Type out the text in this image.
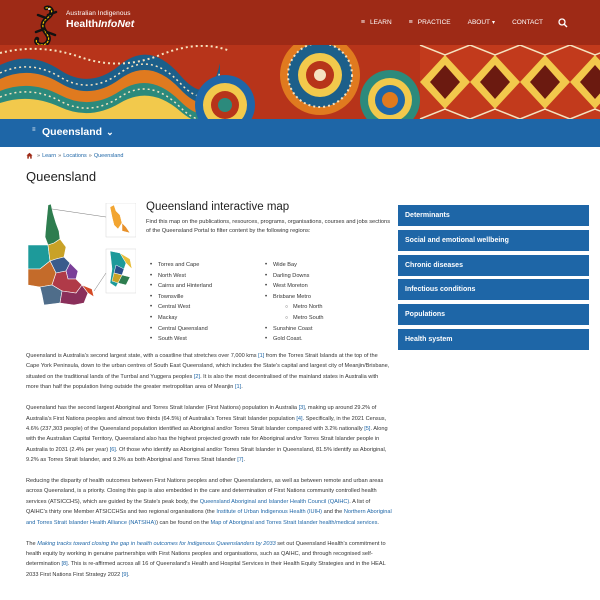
Australian Indigenous
HealthInfoNet	≡ LEARN ≡ PRACTICE	ABOUT ▾	CONTACT
≡ Queensland ⌄
» Learn » Locations » Queensland
Queensland
Queensland interactive map

Find this map on the publications, resources, programs, organisations, courses and jobs sections of the Queensland Portal to filter content by the following regions:

• Torres and Cape
• North West
• Cairns and Hinterland
• Townsville
• Central West
• Mackay
• Central Queensland
• South West
• Wide Bay
• Darling Downs
• West Moreton
• Brisbane Metro
○ Metro North
○ Metro South
• Sunshine Coast
• Gold Coast.

Queensland is Australia's second largest state, with a coastline that stretches over 7,000 kms [1] from the Torres Strait Islands at the top of the Cape York Peninsula, down to the urban centres of South East Queensland, which includes the State's capital and largest city of Meanjin/Brisbane, situated on the traditional lands of the Turrbal and Yuggera peoples [2]. It is also the most decentralised of the mainland states in Australia with more than half the population living outside the greater metropolitan area of Meanjin [1].

Queensland has the second largest Aboriginal and Torres Strait Islander (First Nations) population in Australia [3], making up around 29.2% of Australia's First Nations peoples and almost two thirds (64.5%) of Australia's Torres Strait Islander population [4]. Specifically, in the 2021 Census, 4.6% (237,303 people) of the Queensland population identified as Aboriginal and/or Torres Strait Islander compared with 3.2% nationally [5]. Along with the Australian Capital Territory, Queensland also has the highest projected growth rate for Aboriginal and/or Torres Strait Islander people in Australia to 2031 (2.4% per year) [6]. Of those who identify as Aboriginal and/or Torres Strait Islander in Queensland, 81.5% identify as Aboriginal, 9.2% as Torres Strait Islander, and 9.3% as both Aboriginal and Torres Strait Islander [7].

Reducing the disparity of health outcomes between First Nations peoples and other Queenslanders, as well as between remote and urban areas across Queensland, is a priority. Closing this gap is also embedded in the care and determination of First Nations community controlled health services (ATSICCHS), which are guided by the State's peak body, the Queensland Aboriginal and Islander Health Council (QAIHC). A list of QAIHC's thirty one Member ATSICCHSs and two regional organisations (the Institute of Urban Indigenous Health (IUIH) and the Northern Aboriginal and Torres Strait Islander Health Alliance (NATSIHA)) can be found on the Map of Aboriginal and Torres Strait Islander health/medical services.

The Making tracks toward closing the gap in health outcomes for Indigenous Queenslanders by 2033 set out Queensland Health's commitment to health equity by working in genuine partnerships with First Nations peoples and organisations, such as QAIHC, and through recognised self-determination [8]. This is re-affirmed across all 16 of Queensland's Health and Hospital Services in their Health Equity Strategies and in the HEAL 2033 First Nations First Strategy 2022 [9].

Determinants
Social and emotional wellbeing
Chronic diseases
Infectious conditions
Populations
Health system
